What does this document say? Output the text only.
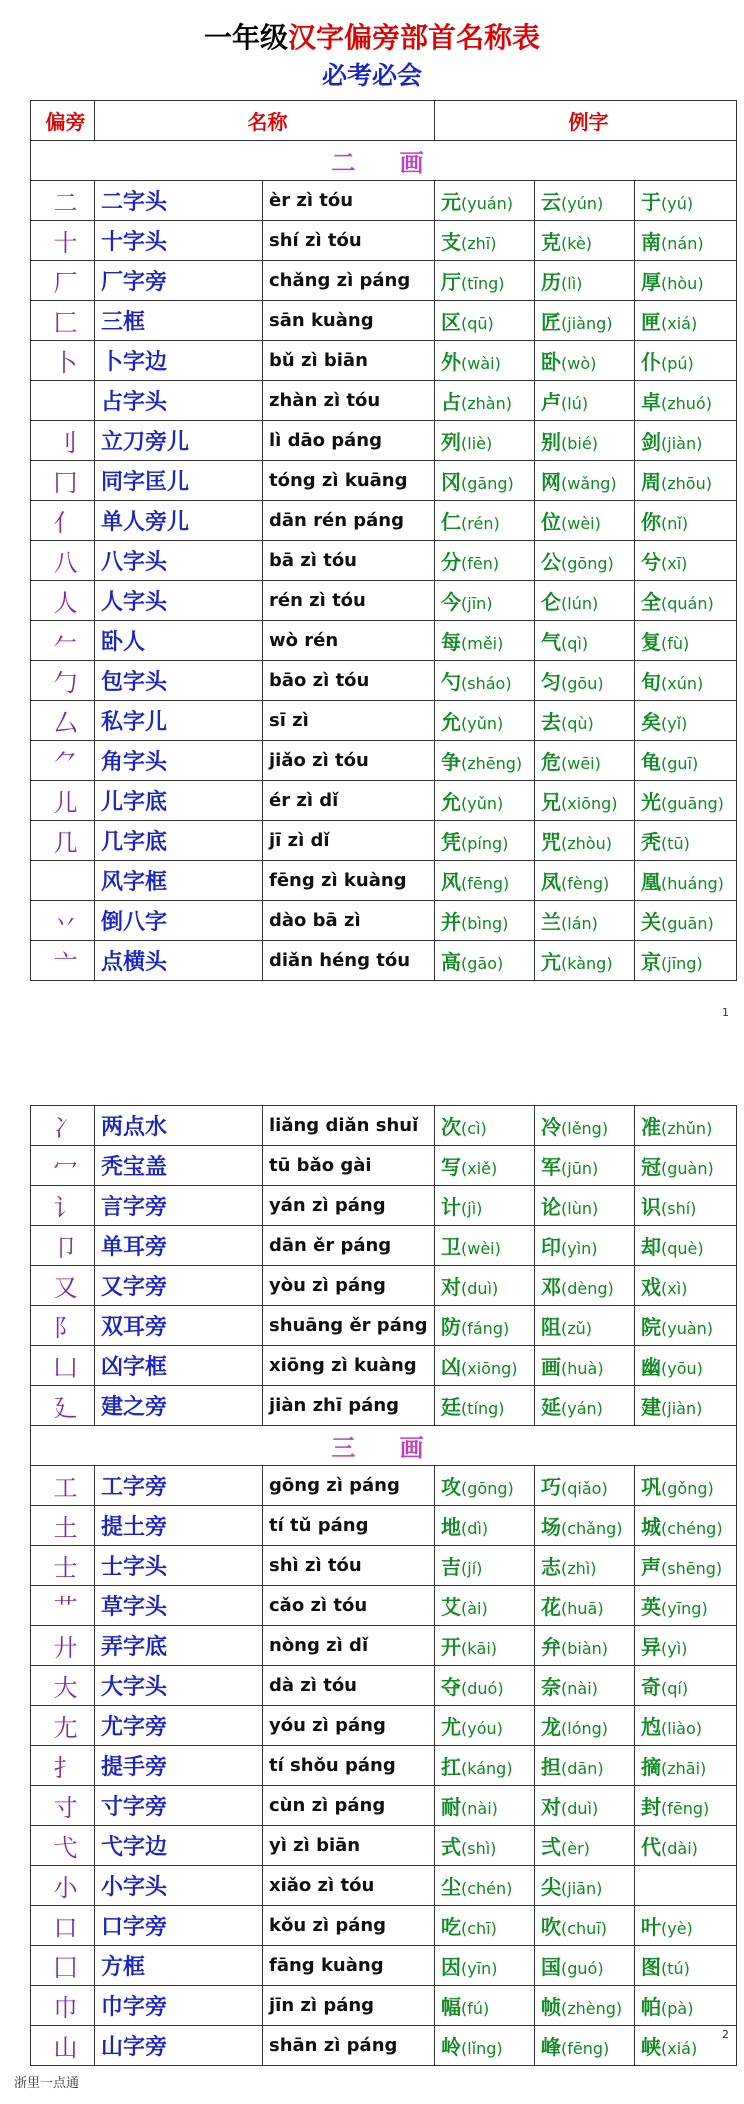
一年级汉字偏旁部首名称表
必考必会
偏旁	名称		例字		
二 画					
二	二字头	èr zì tóu	元(yuán)	云(yún)	于(yú)
十	十字头	shí zì tóu	支(zhī)	克(kè)	南(nán)
厂	厂字旁	chǎng zì páng	厅(tīng)	历(lì)	厚(hòu)
匚	三框	sān kuàng	区(qū)	匠(jiàng)	匣(xiá)
卜	卜字边	bǔ zì biān	外(wài)	卧(wò)	仆(pú)
	占字头	zhàn zì tóu	占(zhàn)	卢(lú)	卓(zhuó)
刂	立刀旁儿	lì dāo páng	列(liè)	别(bié)	剑(jiàn)
冂	同字匡儿	tóng zì kuāng	冈(gāng)	网(wǎng)	周(zhōu)
亻	单人旁儿	dān rén páng	仁(rén)	位(wèi)	你(nǐ)
八	八字头	bā zì tóu	分(fēn)	公(gōng)	兮(xī)
人	人字头	rén zì tóu	今(jīn)	仑(lún)	全(quán)
𠂉	卧人	wò rén	每(měi)	气(qì)	复(fù)
勹	包字头	bāo zì tóu	勺(sháo)	匀(gōu)	旬(xún)
厶	私字儿	sī zì	允(yǔn)	去(qù)	矣(yǐ)
⺈	角字头	jiǎo zì tóu	争(zhēng)	危(wēi)	龟(guī)
儿	儿字底	ér zì dǐ	允(yǔn)	兄(xiōng)	光(guāng)
几	几字底	jī zì dǐ	凭(píng)	咒(zhòu)	秃(tū)
	风字框	fēng zì kuàng	风(fēng)	凤(fèng)	凰(huáng)
丷	倒八字	dào bā zì	并(bìng)	兰(lán)	关(guān)
亠	点横头	diǎn héng tóu	高(gāo)	亢(kàng)	京(jīng)
1
冫	两点水	liǎng diǎn shuǐ	次(cì)	冷(lěng)	准(zhǔn)
冖	秃宝盖	tū bǎo gài	写(xiě)	军(jūn)	冠(guàn)
讠	言字旁	yán zì páng	计(jì)	论(lùn)	识(shí)
卩	单耳旁	dān ěr páng	卫(wèi)	印(yìn)	却(què)
又	又字旁	yòu zì páng	对(duì)	邓(dèng)	戏(xì)
阝	双耳旁	shuāng ěr páng	防(fáng)	阻(zǔ)	院(yuàn)
凵	凶字框	xiōng zì kuàng	凶(xiōng)	画(huà)	幽(yōu)
廴	建之旁	jiàn zhī páng	廷(tíng)	延(yán)	建(jiàn)
三 画					
工	工字旁	gōng zì páng	攻(gōng)	巧(qiǎo)	巩(gǒng)
土	提土旁	tí tǔ páng	地(dì)	场(chǎng)	城(chéng)
士	士字头	shì zì tóu	吉(jí)	志(zhì)	声(shēng)
艹	草字头	cǎo zì tóu	艾(ài)	花(huā)	英(yīng)
廾	弄字底	nòng zì dǐ	开(kāi)	弁(biàn)	异(yì)
大	大字头	dà zì tóu	夺(duó)	奈(nài)	奇(qí)
尢	尤字旁	yóu zì páng	尤(yóu)	龙(lóng)	尥(liào)
扌	提手旁	tí shǒu páng	扛(káng)	担(dān)	摘(zhāi)
寸	寸字旁	cùn zì páng	耐(nài)	对(duì)	封(fēng)
弋	弋字边	yì zì biān	式(shì)	弍(èr)	代(dài)
小	小字头	xiǎo zì tóu	尘(chén)	尖(jiān)	
口	口字旁	kǒu zì páng	吃(chī)	吹(chuī)	叶(yè)
囗	方框	fāng kuàng	因(yīn)	国(guó)	图(tú)
巾	巾字旁	jīn zì páng	幅(fú)	帧(zhèng)	帕(pà)
山	山字旁	shān zì páng	岭(lǐng)	峰(fēng)	峡(xiá)
2
浙里一点通
